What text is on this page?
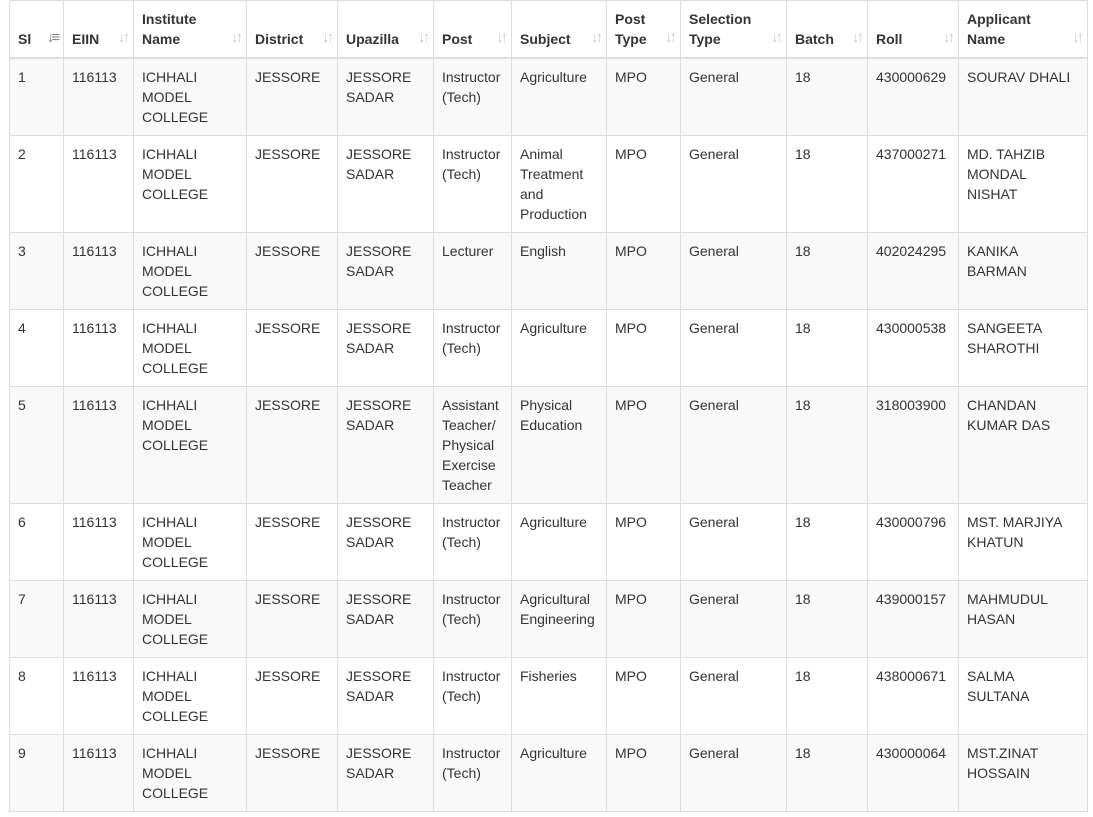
Sl ↓≡	EIIN ↓↑	Institute Name ↓↑	District ↓↑	Upazilla ↓↑	Post ↓↑	Subject ↓↑	Post Type ↓↑	Selection Type ↓↑	Batch ↓↑	Roll ↓↑	Applicant Name ↓↑

1	116113	ICHHALI MODEL COLLEGE	JESSORE	JESSORE SADAR	Instructor (Tech)	Agriculture	MPO	General	18	430000629	SOURAV DHALI
2	116113	ICHHALI MODEL COLLEGE	JESSORE	JESSORE SADAR	Instructor (Tech)	Animal Treatment and Production	MPO	General	18	437000271	MD. TAHZIB MONDAL NISHAT
3	116113	ICHHALI MODEL COLLEGE	JESSORE	JESSORE SADAR	Lecturer	English	MPO	General	18	402024295	KANIKA BARMAN
4	116113	ICHHALI MODEL COLLEGE	JESSORE	JESSORE SADAR	Instructor (Tech)	Agriculture	MPO	General	18	430000538	SANGEETA SHAROTHI
5	116113	ICHHALI MODEL COLLEGE	JESSORE	JESSORE SADAR	Assistant Teacher/ Physical Exercise Teacher	Physical Education	MPO	General	18	318003900	CHANDAN KUMAR DAS
6	116113	ICHHALI MODEL COLLEGE	JESSORE	JESSORE SADAR	Instructor (Tech)	Agriculture	MPO	General	18	430000796	MST. MARJIYA KHATUN
7	116113	ICHHALI MODEL COLLEGE	JESSORE	JESSORE SADAR	Instructor (Tech)	Agricultural Engineering	MPO	General	18	439000157	MAHMUDUL HASAN
8	116113	ICHHALI MODEL COLLEGE	JESSORE	JESSORE SADAR	Instructor (Tech)	Fisheries	MPO	General	18	438000671	SALMA SULTANA
9	116113	ICHHALI MODEL COLLEGE	JESSORE	JESSORE SADAR	Instructor (Tech)	Agriculture	MPO	General	18	430000064	MST.ZINAT HOSSAIN
